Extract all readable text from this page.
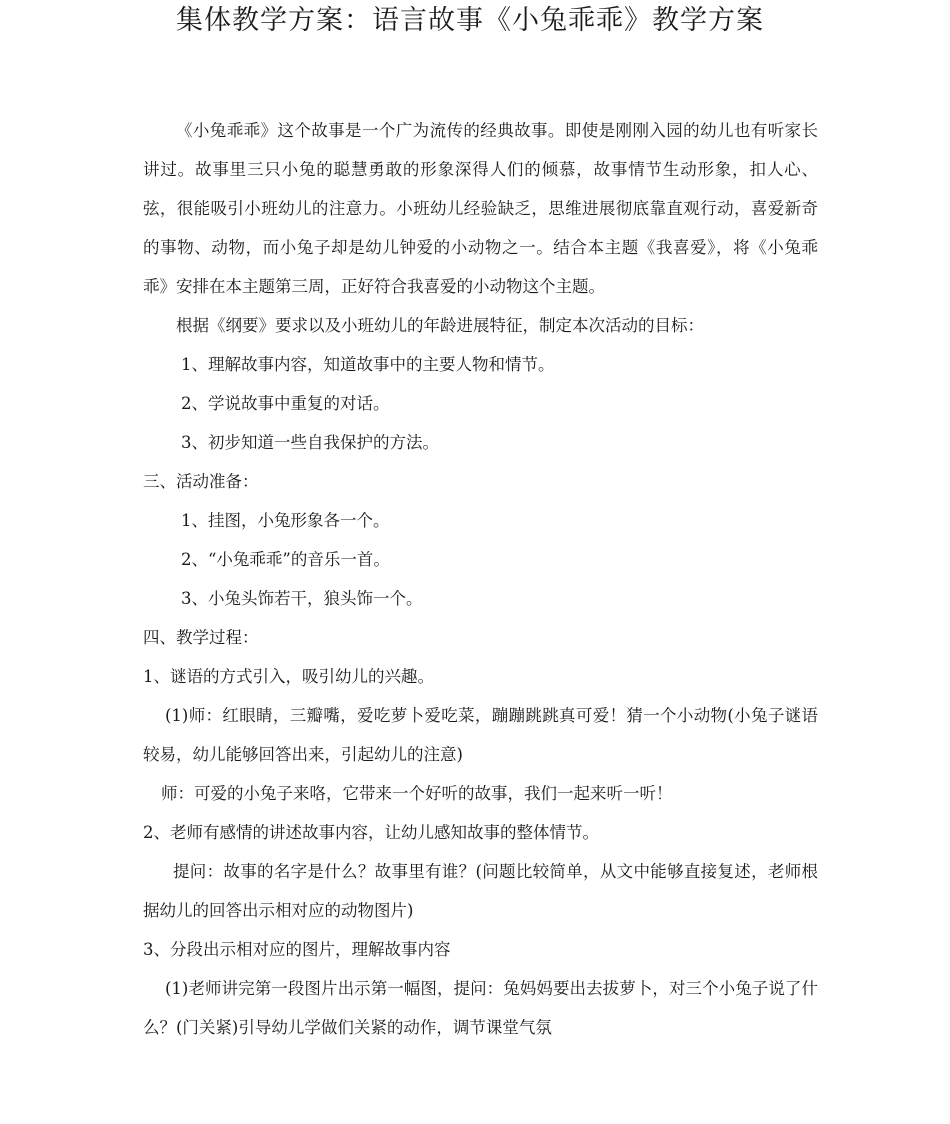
集体教学方案：语言故事《小兔乖乖》教学方案

《小兔乖乖》这个故事是一个广为流传的经典故事。即使是刚刚入园的幼儿也有听家长讲过。故事里三只小兔的聪慧勇敢的形象深得人们的倾慕，故事情节生动形象，扣人心、弦，很能吸引小班幼儿的注意力。小班幼儿经验缺乏，思维进展彻底靠直观行动，喜爱新奇的事物、动物，而小兔子却是幼儿钟爱的小动物之一。结合本主题《我喜爱》，将《小兔乖乖》安排在本主题第三周，正好符合我喜爱的小动物这个主题。

根据《纲要》要求以及小班幼儿的年龄进展特征，制定本次活动的目标：

1、理解故事内容，知道故事中的主要人物和情节。

2、学说故事中重复的对话。

3、初步知道一些自我保护的方法。

三、活动准备：

1、挂图，小兔形象各一个。

2、“小兔乖乖”的音乐一首。

3、小兔头饰若干，狼头饰一个。

四、教学过程：

1、谜语的方式引入，吸引幼儿的兴趣。

(1)师：红眼睛，三瓣嘴，爱吃萝卜爱吃菜，蹦蹦跳跳真可爱！猜一个小动物(小兔子谜语较易，幼儿能够回答出来，引起幼儿的注意)

师：可爱的小兔子来咯，它带来一个好听的故事，我们一起来听一听！

2、老师有感情的讲述故事内容，让幼儿感知故事的整体情节。

提问：故事的名字是什么？故事里有谁？(问题比较简单，从文中能够直接复述，老师根据幼儿的回答出示相对应的动物图片)

3、分段出示相对应的图片，理解故事内容

(1)老师讲完第一段图片出示第一幅图，提问：兔妈妈要出去拔萝卜，对三个小兔子说了什么？(门关紧)引导幼儿学做们关紧的动作，调节课堂气氛
